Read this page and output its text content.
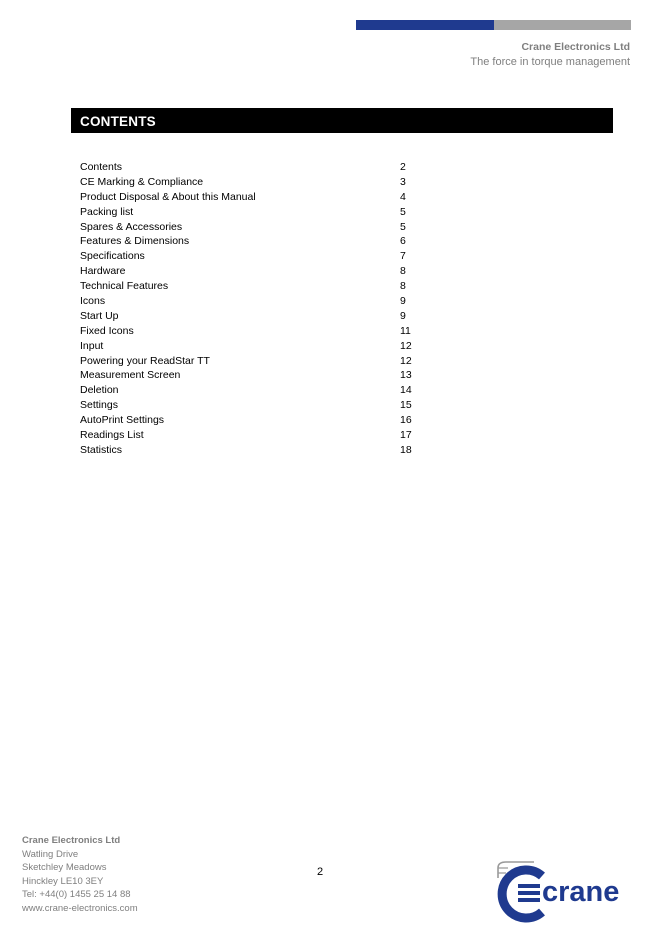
Crane Electronics Ltd
The force in torque management
CONTENTS
Contents	2
CE Marking & Compliance	3
Product Disposal & About this Manual	4
Packing list	5
Spares & Accessories	5
Features & Dimensions	6
Specifications	7
Hardware	8
Technical Features	8
Icons	9
Start Up	9
Fixed Icons	11
Input	12
Powering your ReadStar TT	12
Measurement Screen	13
Deletion	14
Settings	15
AutoPrint Settings	16
Readings List	17
Statistics	18
Crane Electronics Ltd
Watling Drive
Sketchley Meadows
Hinckley LE10 3EY
Tel: +44(0) 1455 25 14 88
www.crane-electronics.com
2
crane
